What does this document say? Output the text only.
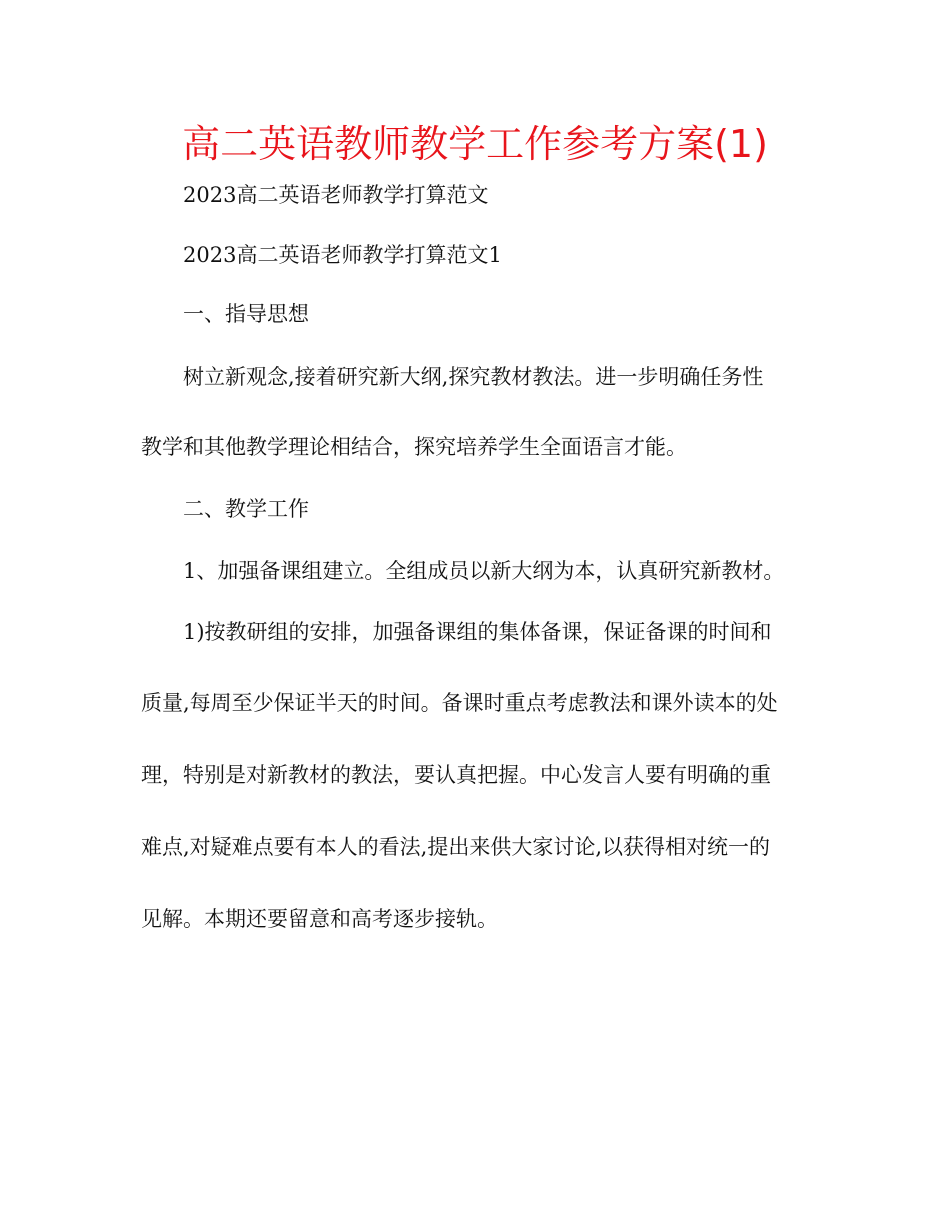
高二英语教师教学工作参考方案(1)

2023高二英语老师教学打算范文

2023高二英语老师教学打算范文1

一、指导思想

树立新观念,接着研究新大纲,探究教材教法。进一步明确任务性

教学和其他教学理论相结合，探究培养学生全面语言才能。

二、教学工作

1、加强备课组建立。全组成员以新大纲为本，认真研究新教材。

1)按教研组的安排，加强备课组的集体备课，保证备课的时间和

质量,每周至少保证半天的时间。备课时重点考虑教法和课外读本的处

理，特别是对新教材的教法，要认真把握。中心发言人要有明确的重

难点,对疑难点要有本人的看法,提出来供大家讨论,以获得相对统一的

见解。本期还要留意和高考逐步接轨。
